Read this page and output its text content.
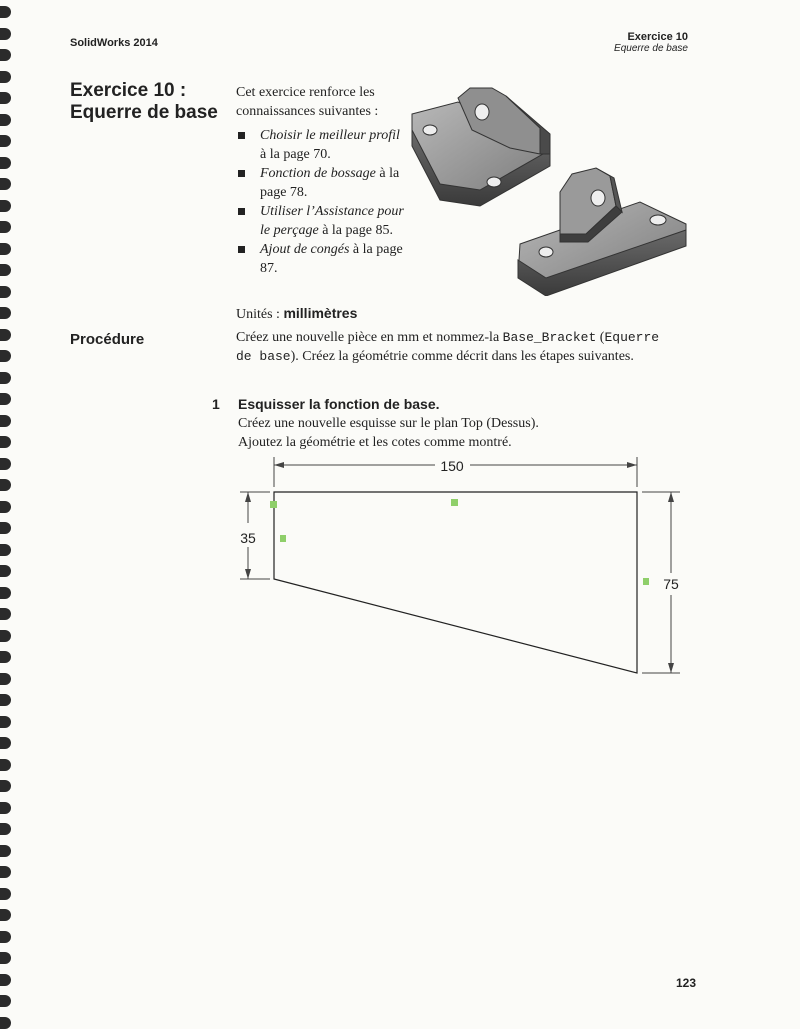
SolidWorks 2014	Exercice 10
Equerre de base
Exercice 10 : Equerre de base
Cet exercice renforce les connaissances suivantes :
Choisir le meilleur profil à la page 70.
Fonction de bossage à la page 78.
Utiliser l’Assistance pour le perçage à la page 85.
Ajout de congés à la page 87.
Unités : millimètres
Procédure	Créez une nouvelle pièce en mm et nommez-la Base_Bracket (Equerre de base). Créez la géométrie comme décrit dans les étapes suivantes.
1 Esquisser la fonction de base.
Créez une nouvelle esquisse sur le plan Top (Dessus).
Ajoutez la géométrie et les cotes comme montré.
150
35
75
123
